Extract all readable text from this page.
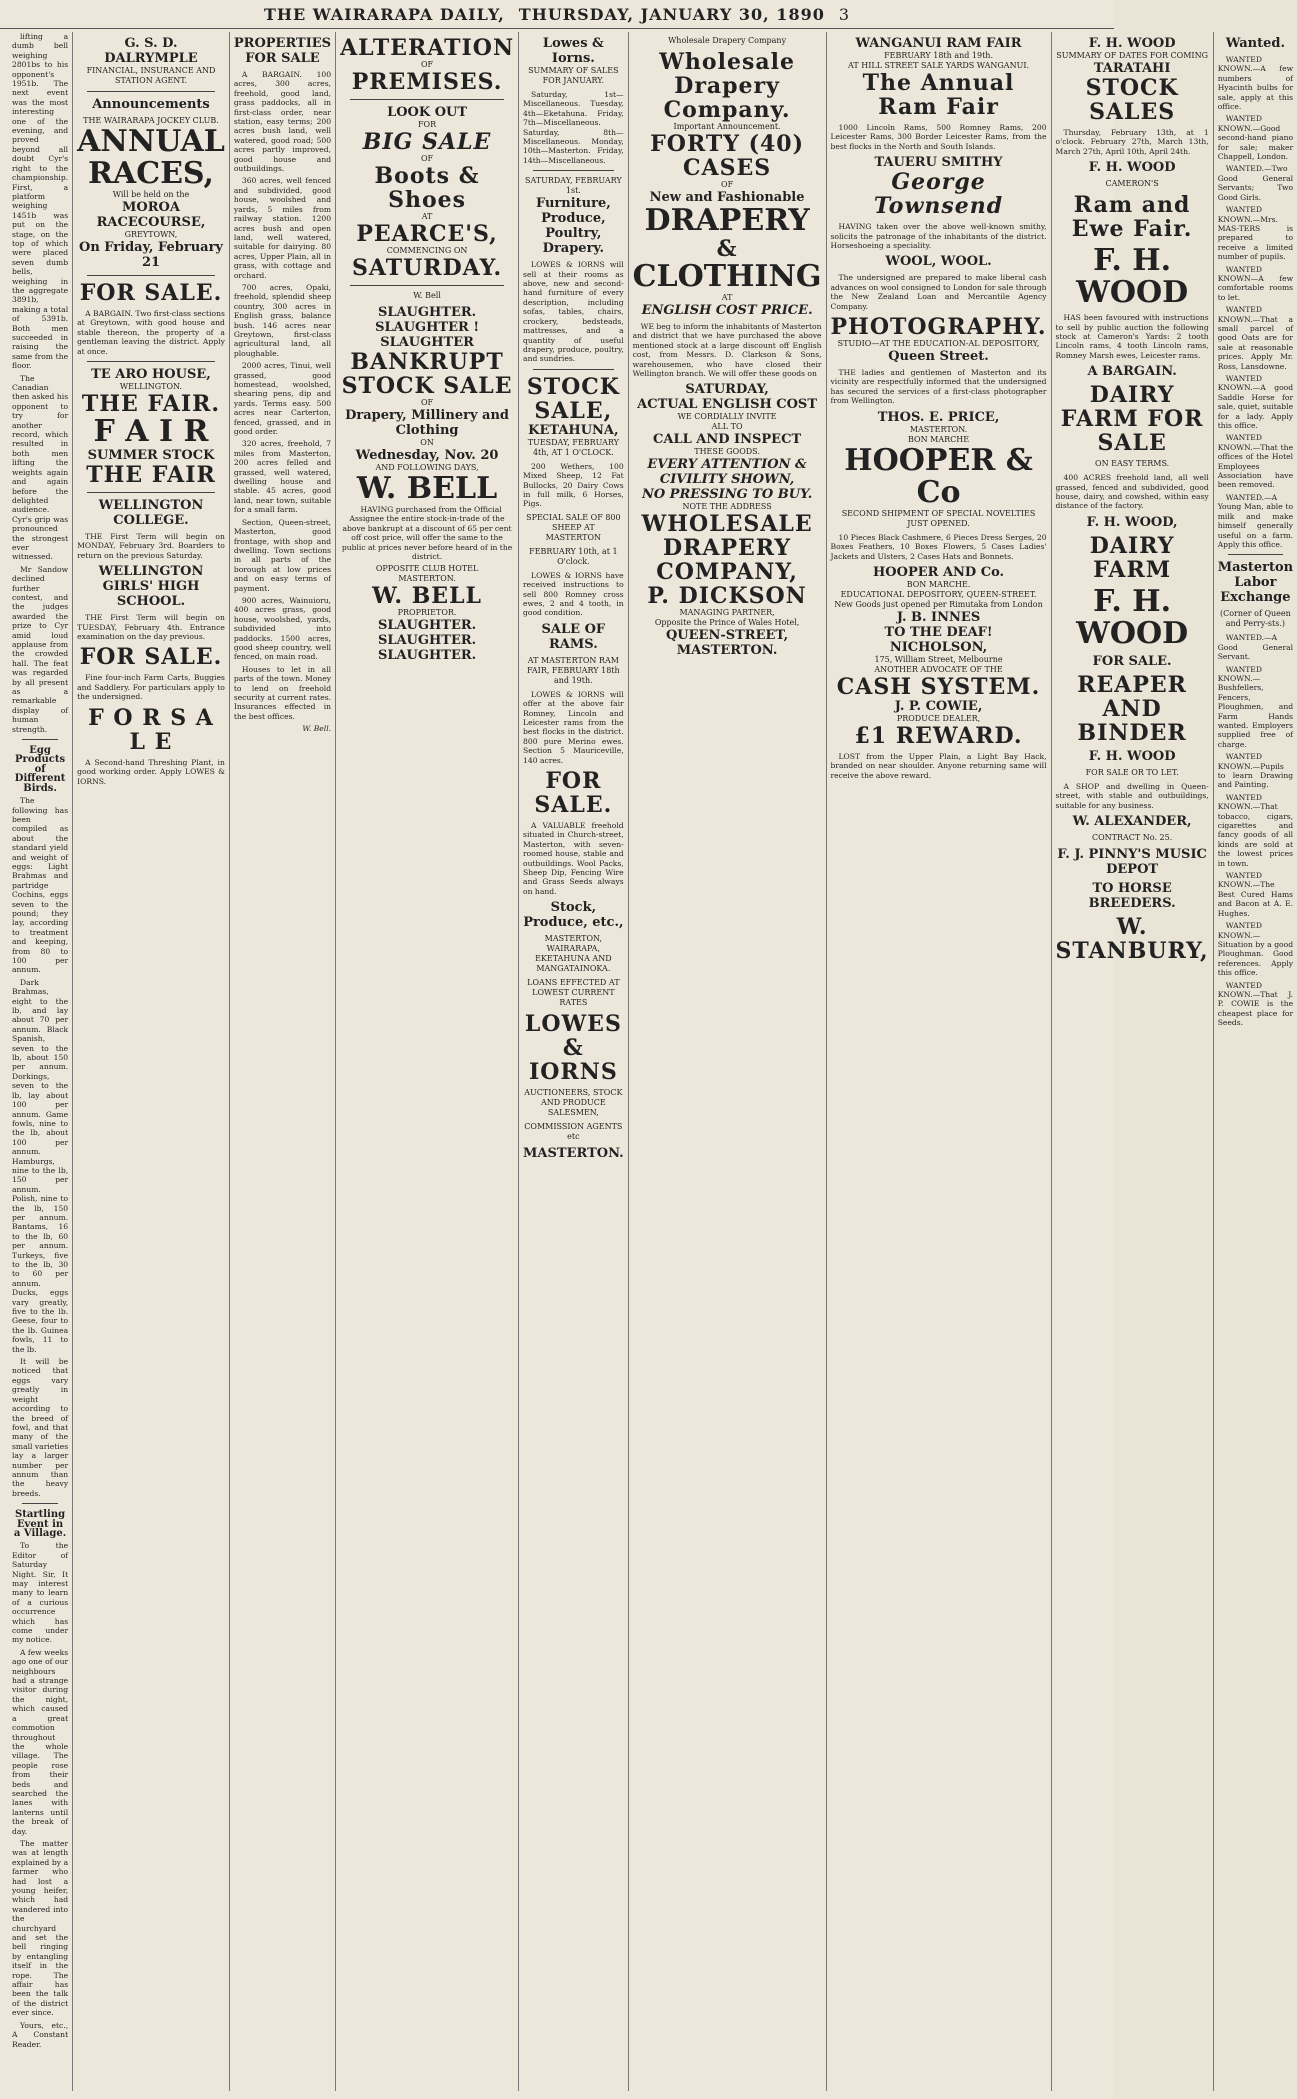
THE WAIRARAPA DAILY, THURSDAY, JANUARY 30, 1890 3

lifting a dumb bell weighing 2801bs to his opponent's 1951b. The next event was the most interesting one of the evening, and proved beyond all doubt Cyr's right to the championship. First, a platform weighing 1451b was put on the stage, on the top of which were placed seven dumb bells, weighing in the aggregate 3891b, making a total of 5391b. Both men succeeded in raising the same from the floor.

The Canadian then asked his opponent to try for another record, which resulted in both men lifting the weights again and again before the delighted audience. Cyr's grip was pronounced the strongest ever witnessed.

Mr Sandow declined further contest, and the judges awarded the prize to Cyr amid loud applause from the crowded hall. The feat was regarded by all present as a remarkable display of human strength.

Egg Products of Different Birds.

The following has been compiled as about the standard yield and weight of eggs: Light Brahmas and partridge Cochins, eggs seven to the pound; they lay, according to treatment and keeping, from 80 to 100 per annum.

Dark Brahmas, eight to the lb, and lay about 70 per annum. Black Spanish, seven to the lb, about 150 per annum. Dorkings, seven to the lb, lay about 100 per annum. Game fowls, nine to the lb, about 100 per annum. Hamburgs, nine to the lb, 150 per annum. Polish, nine to the lb, 150 per annum. Bantams, 16 to the lb, 60 per annum. Turkeys, five to the lb, 30 to 60 per annum. Ducks, eggs vary greatly, five to the lb. Geese, four to the lb. Guinea fowls, 11 to the lb.

It will be noticed that eggs vary greatly in weight according to the breed of fowl, and that many of the small varieties lay a larger number per annum than the heavy breeds.

Startling Event in a Village.

To the Editor of Saturday Night. Sir, It may interest many to learn of a curious occurrence which has come under my notice.

A few weeks ago one of our neighbours had a strange visitor during the night, which caused a great commotion throughout the whole village. The people rose from their beds and searched the lanes with lanterns until the break of day.

The matter was at length explained by a farmer who had lost a young heifer, which had wandered into the churchyard and set the bell ringing by entangling itself in the rope. The affair has been the talk of the district ever since.

Yours, etc., A Constant Reader.

G. S. D. DALRYMPLE
FINANCIAL, INSURANCE AND STATION AGENT.
Announcements
THE WAIRARAPA JOCKEY CLUB.
ANNUAL RACES,
Will be held on the
MOROA RACECOURSE,
GREYTOWN,
On Friday, February 21
FOR SALE.

A BARGAIN. Two first-class sections at Greytown, with good house and stable thereon, the property of a gentleman leaving the district. Apply at once.

TE ARO HOUSE,
WELLINGTON.
THE FAIR.
F A I R
SUMMER STOCK
THE FAIR
WELLINGTON COLLEGE.

THE First Term will begin on MONDAY, February 3rd. Boarders to return on the previous Saturday.

WELLINGTON GIRLS' HIGH SCHOOL.

THE First Term will begin on TUESDAY, February 4th. Entrance examination on the day previous.

FOR SALE.

Fine four-inch Farm Carts, Buggies and Saddlery. For particulars apply to the undersigned.

F O R S A L E

A Second-hand Threshing Plant, in good working order. Apply LOWES & IORNS.

PROPERTIES FOR SALE

A BARGAIN. 100 acres, 300 acres, freehold, good land, grass paddocks, all in first-class order, near station, easy terms; 200 acres bush land, well watered, good road; 500 acres partly improved, good house and outbuildings.

360 acres, well fenced and subdivided, good house, woolshed and yards, 5 miles from railway station. 1200 acres bush and open land, well watered, suitable for dairying. 80 acres, Upper Plain, all in grass, with cottage and orchard.

700 acres, Opaki, freehold, splendid sheep country, 300 acres in English grass, balance bush. 146 acres near Greytown, first-class agricultural land, all ploughable.

2000 acres, Tinui, well grassed, good homestead, woolshed, shearing pens, dip and yards. Terms easy. 500 acres near Carterton, fenced, grassed, and in good order.

320 acres, freehold, 7 miles from Masterton, 200 acres felled and grassed, well watered, dwelling house and stable. 45 acres, good land, near town, suitable for a small farm.

Section, Queen-street, Masterton, good frontage, with shop and dwelling. Town sections in all parts of the borough at low prices and on easy terms of payment.

900 acres, Wainuioru, 400 acres grass, good house, woolshed, yards, subdivided into paddocks. 1500 acres, good sheep country, well fenced, on main road.

Houses to let in all parts of the town. Money to lend on freehold security at current rates. Insurances effected in the best offices.

W. Bell.
ALTERATION
OF
PREMISES.
LOOK OUT
FOR
BIG SALE
OF
Boots & Shoes
AT
PEARCE'S,
COMMENCING ON
SATURDAY.
W. Bell
SLAUGHTER. SLAUGHTER ! SLAUGHTER
BANKRUPT STOCK SALE
OF
Drapery, Millinery and Clothing
ON
Wednesday, Nov. 20
AND FOLLOWING DAYS,
W. BELL

HAVING purchased from the Official Assignee the entire stock-in-trade of the above bankrupt at a discount of 65 per cent off cost price, will offer the same to the public at prices never before heard of in the district.

OPPOSITE CLUB HOTEL
MASTERTON.
W. BELL
PROPRIETOR.
SLAUGHTER. SLAUGHTER. SLAUGHTER.
Lowes & Iorns.
SUMMARY OF SALES FOR JANUARY.

Saturday, 1st—Miscellaneous. Tuesday, 4th—Eketahuna. Friday, 7th—Miscellaneous. Saturday, 8th—Miscellaneous. Monday, 10th—Masterton. Friday, 14th—Miscellaneous.

SATURDAY, FEBRUARY 1st.
Furniture, Produce, Poultry, Drapery.

LOWES & IORNS will sell at their rooms as above, new and second-hand furniture of every description, including sofas, tables, chairs, crockery, bedsteads, mattresses, and a quantity of useful drapery, produce, poultry, and sundries.

STOCK SALE,
KETAHUNA,
TUESDAY, FEBRUARY 4th, AT 1 O'CLOCK.

200 Wethers, 100 Mixed Sheep, 12 Fat Bullocks, 20 Dairy Cows in full milk, 6 Horses, Pigs.

SPECIAL SALE OF 800 SHEEP AT MASTERTON
FEBRUARY 10th, at 1 O'clock.

LOWES & IORNS have received instructions to sell 800 Romney cross ewes, 2 and 4 tooth, in good condition.

SALE OF RAMS.
AT MASTERTON RAM FAIR, FEBRUARY 18th and 19th.

LOWES & IORNS will offer at the above fair Romney, Lincoln and Leicester rams from the best flocks in the district. 800 pure Merino ewes. Section 5 Mauriceville, 140 acres.

FOR SALE.

A VALUABLE freehold situated in Church-street, Masterton, with seven-roomed house, stable and outbuildings. Wool Packs, Sheep Dip, Fencing Wire and Grass Seeds always on hand.

Stock, Produce, etc.,
MASTERTON, WAIRARAPA, EKETAHUNA AND MANGATAINOKA.
LOANS EFFECTED AT LOWEST CURRENT RATES
LOWES & IORNS
AUCTIONEERS, STOCK AND PRODUCE SALESMEN,
COMMISSION AGENTS etc
MASTERTON.
Wholesale Drapery Company
Wholesale Drapery
Company.
Important Announcement.
FORTY (40) CASES
OF
New and Fashionable
DRAPERY
&
CLOTHING
AT
ENGLISH COST PRICE.

WE beg to inform the inhabitants of Masterton and district that we have purchased the above mentioned stock at a large discount off English cost, from Messrs. D. Clarkson & Sons, warehousemen, who have closed their Wellington branch. We will offer these goods on

SATURDAY,
ACTUAL ENGLISH COST
WE CORDIALLY INVITE
ALL TO
CALL AND INSPECT
THESE GOODS.
EVERY ATTENTION &
CIVILITY SHOWN,
NO PRESSING TO BUY.
NOTE THE ADDRESS
WHOLESALE
DRAPERY
COMPANY,
P. DICKSON
MANAGING PARTNER,
Opposite the Prince of Wales Hotel,
QUEEN-STREET,
MASTERTON.
WANGANUI RAM FAIR
FEBRUARY 18th and 19th.
AT HILL STREET SALE YARDS WANGANUI.
The Annual Ram Fair

1000 Lincoln Rams, 500 Romney Rams, 200 Leicester Rams, 300 Border Leicester Rams, from the best flocks in the North and South Islands.

TAUERU SMITHY
George Townsend

HAVING taken over the above well-known smithy, solicits the patronage of the inhabitants of the district. Horseshoeing a speciality.

WOOL, WOOL.

The undersigned are prepared to make liberal cash advances on wool consigned to London for sale through the New Zealand Loan and Mercantile Agency Company.

PHOTOGRAPHY.
STUDIO—AT THE EDUCATION-AL DEPOSITORY,
Queen Street.

THE ladies and gentlemen of Masterton and its vicinity are respectfully informed that the undersigned has secured the services of a first-class photographer from Wellington.

THOS. E. PRICE,
MASTERTON.
BON MARCHE
HOOPER & Co
SECOND SHIPMENT OF SPECIAL NOVELTIES JUST OPENED.

10 Pieces Black Cashmere, 6 Pieces Dress Serges, 20 Boxes Feathers, 10 Boxes Flowers, 5 Cases Ladies' Jackets and Ulsters, 2 Cases Hats and Bonnets.

HOOPER AND Co.
BON MARCHE.
EDUCATIONAL DEPOSITORY, QUEEN-STREET.
New Goods just opened per Rimutaka from London
J. B. INNES
TO THE DEAF!
NICHOLSON,
175, William Street, Melbourne
ANOTHER ADVOCATE OF THE
CASH SYSTEM.
J. P. COWIE,
PRODUCE DEALER,
£1 REWARD.

LOST from the Upper Plain, a Light Bay Hack, branded on near shoulder. Anyone returning same will receive the above reward.

F. H. WOOD
SUMMARY OF DATES FOR COMING
TARATAHI
STOCK SALES

Thursday, February 13th, at 1 o'clock. February 27th, March 13th, March 27th, April 10th, April 24th.

F. H. WOOD
CAMERON'S
Ram and Ewe Fair.
F. H. WOOD

HAS been favoured with instructions to sell by public auction the following stock at Cameron's Yards: 2 tooth Lincoln rams, 4 tooth Lincoln rams, Romney Marsh ewes, Leicester rams.

A BARGAIN.
DAIRY FARM FOR SALE
ON EASY TERMS.

400 ACRES freehold land, all well grassed, fenced and subdivided, good house, dairy, and cowshed, within easy distance of the factory.

F. H. WOOD,
DAIRY FARM
F. H. WOOD
FOR SALE.
REAPER AND BINDER
F. H. WOOD
FOR SALE OR TO LET.

A SHOP and dwelling in Queen-street, with stable and outbuildings, suitable for any business.

W. ALEXANDER,
CONTRACT No. 25.
F. J. PINNY'S MUSIC DEPOT
TO HORSE BREEDERS.
W. STANBURY,
Wanted.

WANTED KNOWN.—A few numbers of Hyacinth bulbs for sale, apply at this office.

WANTED KNOWN.—Good second-hand piano for sale; maker Chappell, London.

WANTED.—Two Good General Servants; Two Good Girls.

WANTED KNOWN.—Mrs. MAS-TERS is prepared to receive a limited number of pupils.

WANTED KNOWN—A few comfortable rooms to let.

WANTED KNOWN.—That a small parcel of good Oats are for sale at reasonable prices. Apply Mr. Ross, Lansdowne.

WANTED KNOWN.—A good Saddle Horse for sale, quiet, suitable for a lady. Apply this office.

WANTED KNOWN.—That the offices of the Hotel Employees Association have been removed.

WANTED.—A Young Man, able to milk and make himself generally useful on a farm. Apply this office.

Masterton Labor Exchange
(Corner of Queen and Perry-sts.)

WANTED.—A Good General Servant.

WANTED KNOWN.—Bushfellers, Fencers, Ploughmen, and Farm Hands wanted. Employers supplied free of charge.

WANTED KNOWN.—Pupils to learn Drawing and Painting.

WANTED KNOWN.—That tobacco, cigars, cigarettes and fancy goods of all kinds are sold at the lowest prices in town.

WANTED KNOWN.—The Best Cured Hams and Bacon at A. E. Hughes.

WANTED KNOWN.—Situation by a good Ploughman. Good references. Apply this office.

WANTED KNOWN.—That J. P. COWIE is the cheapest place for Seeds.
